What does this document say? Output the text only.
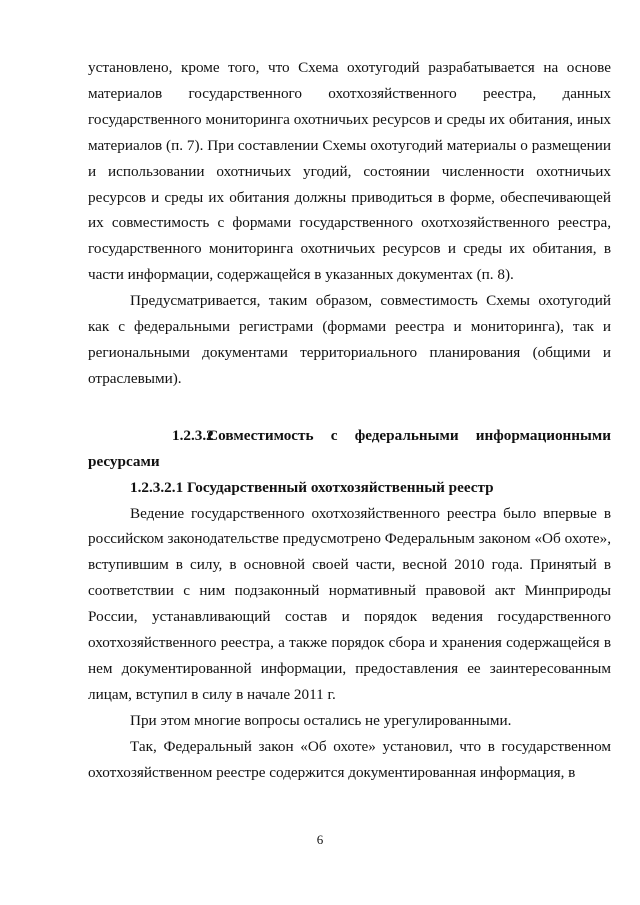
установлено, кроме того, что Схема охотугодий разрабатывается на основе материалов государственного охотхозяйственного реестра, данных государственного мониторинга охотничьих ресурсов и среды их обитания, иных материалов (п. 7). При составлении Схемы охотугодий материалы о размещении и использовании охотничьих угодий, состоянии численности охотничьих ресурсов и среды их обитания должны приводиться в форме, обеспечивающей их совместимость с формами государственного охотхозяйственного реестра, государственного мониторинга охотничьих ресурсов и среды их обитания, в части информации, содержащейся в указанных документах (п. 8).

Предусматривается, таким образом, совместимость Схемы охотугодий как с федеральными регистрами (формами реестра и мониторинга), так и региональными документами территориального планирования (общими и отраслевыми).

1.2.3.2 Совместимость с федеральными информационными ресурсами

1.2.3.2.1 Государственный охотхозяйственный реестр

Ведение государственного охотхозяйственного реестра было впервые в российском законодательстве предусмотрено Федеральным законом «Об охоте», вступившим в силу, в основной своей части, весной 2010 года. Принятый в соответствии с ним подзаконный нормативный правовой акт Минприроды России, устанавливающий состав и порядок ведения государственного охотхозяйственного реестра, а также порядок сбора и хранения содержащейся в нем документированной информации, предоставления ее заинтересованным лицам, вступил в силу в начале 2011 г.

При этом многие вопросы остались не урегулированными.

Так, Федеральный закон «Об охоте» установил, что в государственном охотхозяйственном реестре содержится документированная информация, в

6
